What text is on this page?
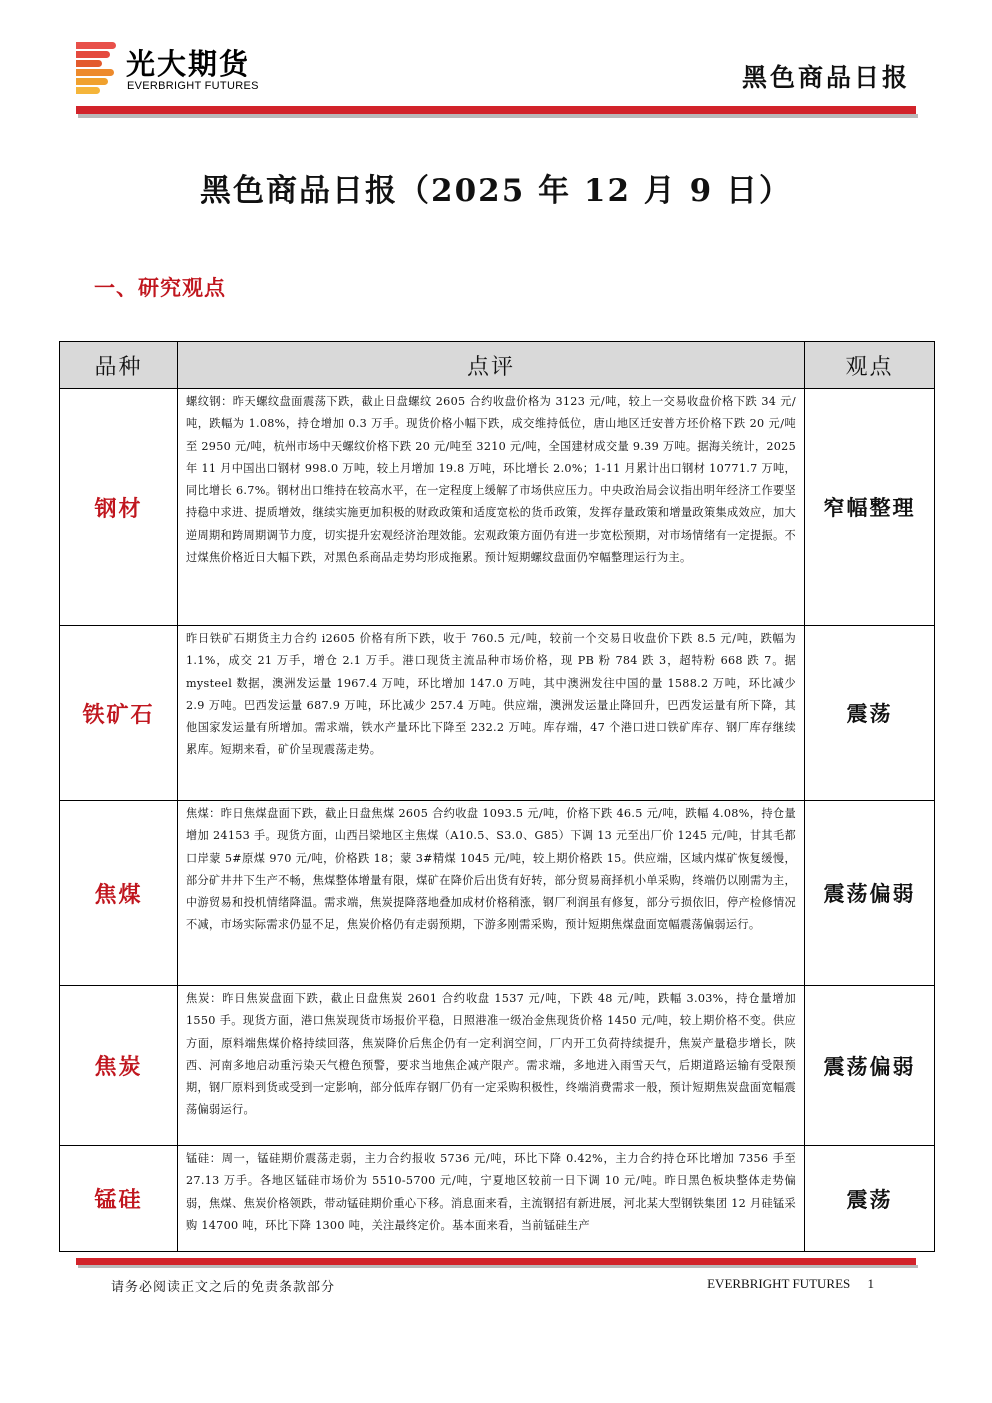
光大期货
EVERBRIGHT FUTURES	黑色商品日报
黑色商品日报（2025 年 12 月 9 日）
一、研究观点
品种	点评	观点
钢材	螺纹钢：昨天螺纹盘面震荡下跌，截止日盘螺纹 2605 合约收盘价格为 3123 元/吨，较上一交易收盘价格下跌 34 元/吨，跌幅为 1.08%，持仓增加 0.3 万手。现货价格小幅下跌，成交维持低位，唐山地区迁安普方坯价格下跌 20 元/吨至 2950 元/吨，杭州市场中天螺纹价格下跌 20 元/吨至 3210 元/吨，全国建材成交量 9.39 万吨。据海关统计，2025 年 11 月中国出口钢材 998.0 万吨，较上月增加 19.8 万吨，环比增长 2.0%；1-11 月累计出口钢材 10771.7 万吨，同比增长 6.7%。钢材出口维持在较高水平，在一定程度上缓解了市场供应压力。中央政治局会议指出明年经济工作要坚持稳中求进、提质增效，继续实施更加积极的财政政策和适度宽松的货币政策，发挥存量政策和增量政策集成效应，加大逆周期和跨周期调节力度，切实提升宏观经济治理效能。宏观政策方面仍有进一步宽松预期，对市场情绪有一定提振。不过煤焦价格近日大幅下跌，对黑色系商品走势均形成拖累。预计短期螺纹盘面仍窄幅整理运行为主。	窄幅整理
铁矿石	昨日铁矿石期货主力合约 i2605 价格有所下跌，收于 760.5 元/吨，较前一个交易日收盘价下跌 8.5 元/吨，跌幅为 1.1%，成交 21 万手，增仓 2.1 万手。港口现货主流品种市场价格，现 PB 粉 784 跌 3，超特粉 668 跌 7。据 mysteel 数据，澳洲发运量 1967.4 万吨，环比增加 147.0 万吨，其中澳洲发往中国的量 1588.2 万吨，环比减少 2.9 万吨。巴西发运量 687.9 万吨，环比减少 257.4 万吨。供应端，澳洲发运量止降回升，巴西发运量有所下降，其他国家发运量有所增加。需求端，铁水产量环比下降至 232.2 万吨。库存端，47 个港口进口铁矿库存、钢厂库存继续累库。短期来看，矿价呈现震荡走势。	震荡
焦煤	焦煤：昨日焦煤盘面下跌，截止日盘焦煤 2605 合约收盘 1093.5 元/吨，价格下跌 46.5 元/吨，跌幅 4.08%，持仓量增加 24153 手。现货方面，山西吕梁地区主焦煤（A10.5、S3.0、G85）下调 13 元至出厂价 1245 元/吨，甘其毛都口岸蒙 5#原煤 970 元/吨，价格跌 18；蒙 3#精煤 1045 元/吨，较上期价格跌 15。供应端，区域内煤矿恢复缓慢，部分矿井井下生产不畅，焦煤整体增量有限，煤矿在降价后出货有好转，部分贸易商择机小单采购，终端仍以刚需为主，中游贸易和投机情绪降温。需求端，焦炭提降落地叠加成材价格稍涨，钢厂利润虽有修复，部分亏损依旧，停产检修情况不减，市场实际需求仍显不足，焦炭价格仍有走弱预期，下游多刚需采购，预计短期焦煤盘面宽幅震荡偏弱运行。	震荡偏弱
焦炭	焦炭：昨日焦炭盘面下跌，截止日盘焦炭 2601 合约收盘 1537 元/吨，下跌 48 元/吨，跌幅 3.03%，持仓量增加 1550 手。现货方面，港口焦炭现货市场报价平稳，日照港准一级冶金焦现货价格 1450 元/吨，较上期价格不变。供应方面，原料端焦煤价格持续回落，焦炭降价后焦企仍有一定利润空间，厂内开工负荷持续提升，焦炭产量稳步增长，陕西、河南多地启动重污染天气橙色预警，要求当地焦企减产限产。需求端，多地进入雨雪天气，后期道路运输有受限预期，钢厂原料到货或受到一定影响，部分低库存钢厂仍有一定采购积极性，终端消费需求一般，预计短期焦炭盘面宽幅震荡偏弱运行。	震荡偏弱
锰硅	锰硅：周一，锰硅期价震荡走弱，主力合约报收 5736 元/吨，环比下降 0.42%，主力合约持仓环比增加 7356 手至 27.13 万手。各地区锰硅市场价为 5510-5700 元/吨，宁夏地区较前一日下调 10 元/吨。昨日黑色板块整体走势偏弱，焦煤、焦炭价格领跌，带动锰硅期价重心下移。消息面来看，主流钢招有新进展，河北某大型钢铁集团 12 月硅锰采购 14700 吨，环比下降 1300 吨，关注最终定价。基本面来看，当前锰硅生产	震荡
请务必阅读正文之后的免责条款部分	EVERBRIGHT FUTURES 1
